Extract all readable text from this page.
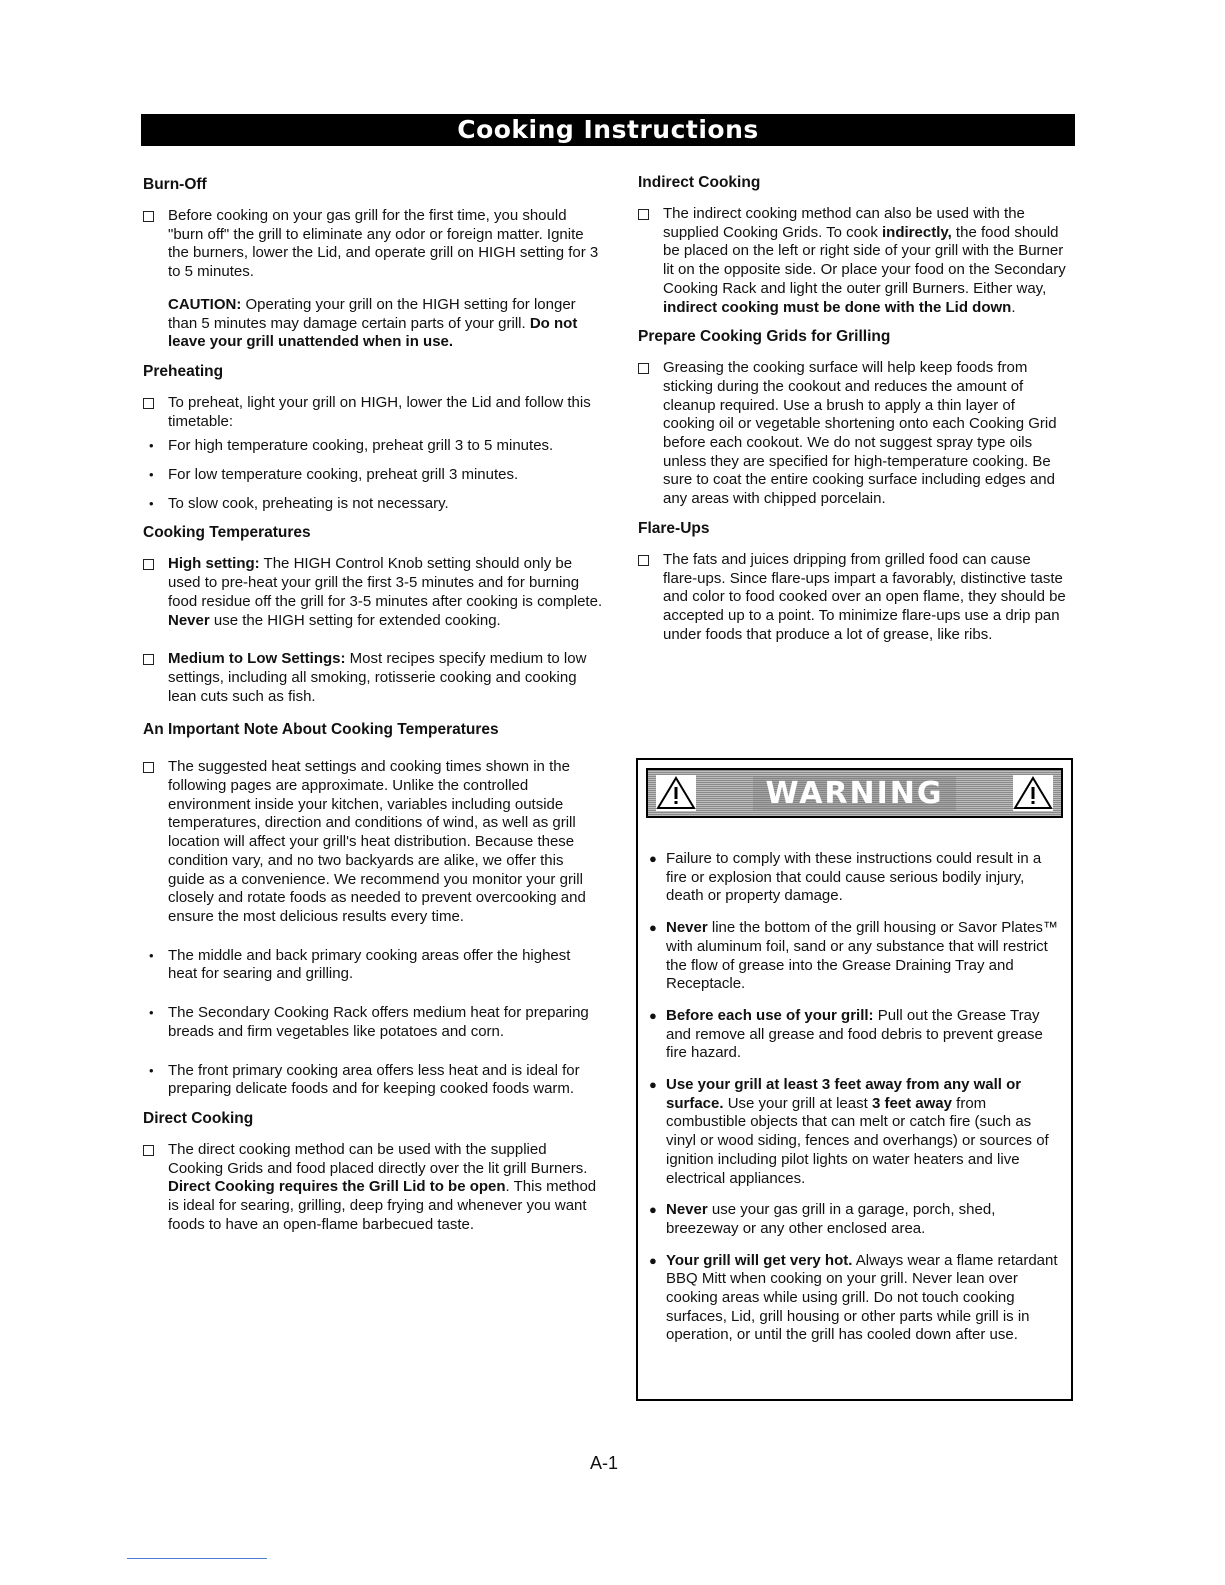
Cooking Instructions
Burn-Off

Before cooking on your gas grill for the first time, you should "burn off" the grill to eliminate any odor or foreign matter. Ignite the burners, lower the Lid, and operate grill on HIGH setting for 3 to 5 minutes.

CAUTION: Operating your grill on the HIGH setting for longer than 5 minutes may damage certain parts of your grill. Do not leave your grill unattended when in use.

Preheating

To preheat, light your grill on HIGH, lower the Lid and follow this timetable:

• For high temperature cooking, preheat grill 3 to 5 minutes.

• For low temperature cooking, preheat grill 3 minutes.

• To slow cook, preheating is not necessary.

Cooking Temperatures

High setting: The HIGH Control Knob setting should only be used to pre-heat your grill the first 3-5 minutes and for burning food residue off the grill for 3-5 minutes after cooking is complete. Never use the HIGH setting for extended cooking.

Medium to Low Settings: Most recipes specify medium to low settings, including all smoking, rotisserie cooking and cooking lean cuts such as fish.

An Important Note About Cooking Temperatures

The suggested heat settings and cooking times shown in the following pages are approximate. Unlike the controlled environment inside your kitchen, variables including outside temperatures, direction and conditions of wind, as well as grill location will affect your grill's heat distribution. Because these condition vary, and no two backyards are alike, we offer this guide as a convenience. We recommend you monitor your grill closely and rotate foods as needed to prevent overcooking and ensure the most delicious results every time.

• The middle and back primary cooking areas offer the highest heat for searing and grilling.

• The Secondary Cooking Rack offers medium heat for preparing breads and firm vegetables like potatoes and corn.

• The front primary cooking area offers less heat and is ideal for preparing delicate foods and for keeping cooked foods warm.

Direct Cooking

The direct cooking method can be used with the supplied Cooking Grids and food placed directly over the lit grill Burners. Direct Cooking requires the Grill Lid to be open. This method is ideal for searing, grilling, deep frying and whenever you want foods to have an open-flame barbecued taste.

Indirect Cooking

The indirect cooking method can also be used with the supplied Cooking Grids. To cook indirectly, the food should be placed on the left or right side of your grill with the Burner lit on the opposite side. Or place your food on the Secondary Cooking Rack and light the outer grill Burners. Either way, indirect cooking must be done with the Lid down.

Prepare Cooking Grids for Grilling

Greasing the cooking surface will help keep foods from sticking during the cookout and reduces the amount of cleanup required. Use a brush to apply a thin layer of cooking oil or vegetable shortening onto each Cooking Grid before each cookout. We do not suggest spray type oils unless they are specified for high-temperature cooking. Be sure to coat the entire cooking surface including edges and any areas with chipped porcelain.

Flare-Ups

The fats and juices dripping from grilled food can cause flare-ups. Since flare-ups impart a favorably, distinctive taste and color to food cooked over an open flame, they should be accepted up to a point. To minimize flare-ups use a drip pan under foods that produce a lot of grease, like ribs.

WARNING

● Failure to comply with these instructions could result in a fire or explosion that could cause serious bodily injury, death or property damage.

● Never line the bottom of the grill housing or Savor Plates™ with aluminum foil, sand or any substance that will restrict the flow of grease into the Grease Draining Tray and Receptacle.

● Before each use of your grill: Pull out the Grease Tray and remove all grease and food debris to prevent grease fire hazard.

● Use your grill at least 3 feet away from any wall or surface. Use your grill at least 3 feet away from combustible objects that can melt or catch fire (such as vinyl or wood siding, fences and overhangs) or sources of ignition including pilot lights on water heaters and live electrical appliances.

● Never use your gas grill in a garage, porch, shed, breezeway or any other enclosed area.

● Your grill will get very hot. Always wear a flame retardant BBQ Mitt when cooking on your grill. Never lean over cooking areas while using grill. Do not touch cooking surfaces, Lid, grill housing or other parts while grill is in operation, or until the grill has cooled down after use.

A-1
